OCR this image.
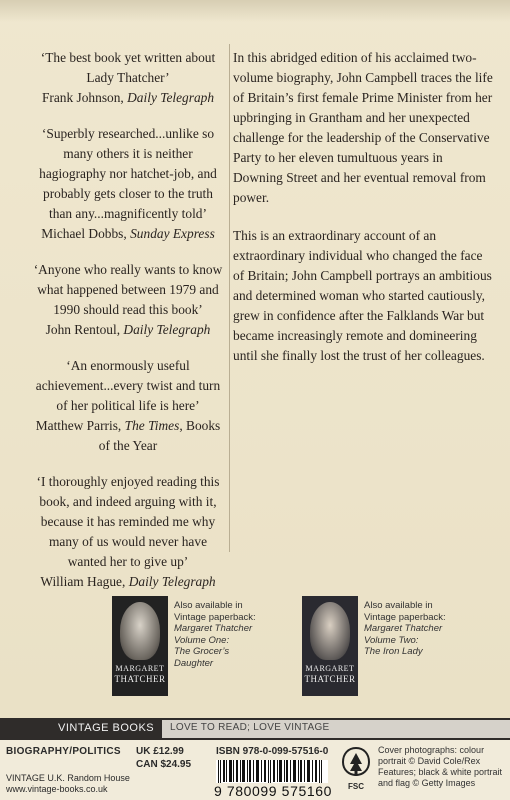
‘The best book yet written about Lady Thatcher’
Frank Johnson, Daily Telegraph
‘Superbly researched...unlike so many others it is neither hagiography nor hatchet-job, and probably gets closer to the truth than any...magnificently told’
Michael Dobbs, Sunday Express
‘Anyone who really wants to know what happened between 1979 and 1990 should read this book’
John Rentoul, Daily Telegraph
‘An enormously useful achievement...every twist and turn of her political life is here’
Matthew Parris, The Times, Books of the Year
‘I thoroughly enjoyed reading this book, and indeed arguing with it, because it has reminded me why many of us would never have wanted her to give up’
William Hague, Daily Telegraph

In this abridged edition of his acclaimed two-volume biography, John Campbell traces the life of Britain’s first female Prime Minister from her upbringing in Grantham and her unexpected challenge for the leadership of the Conservative Party to her eleven tumultuous years in Downing Street and her eventual removal from power.

This is an extraordinary account of an extraordinary individual who changed the face of Britain; John Campbell portrays an ambitious and determined woman who started cautiously, grew in confidence after the Falklands War but became increasingly remote and domineering until she finally lost the trust of her colleagues.

MARGARET
THATCHER
Also available in Vintage paperback:
Margaret Thatcher
Volume One:
The Grocer’s Daughter	MARGARET
THATCHER
Also available in Vintage paperback:
Margaret Thatcher
Volume Two:
The Iron Lady
VINTAGE BOOKS LOVE TO READ; LOVE VINTAGE
BIOGRAPHY/POLITICS UK £12.99
CAN $24.95
VINTAGE U.K. Random House
www.vintage-books.co.uk
ISBN 978-0-099-57516-0
9 780099 575160	FSC
Cover photographs: colour portrait © David Cole/Rex Features; black & white portrait and flag © Getty Images
